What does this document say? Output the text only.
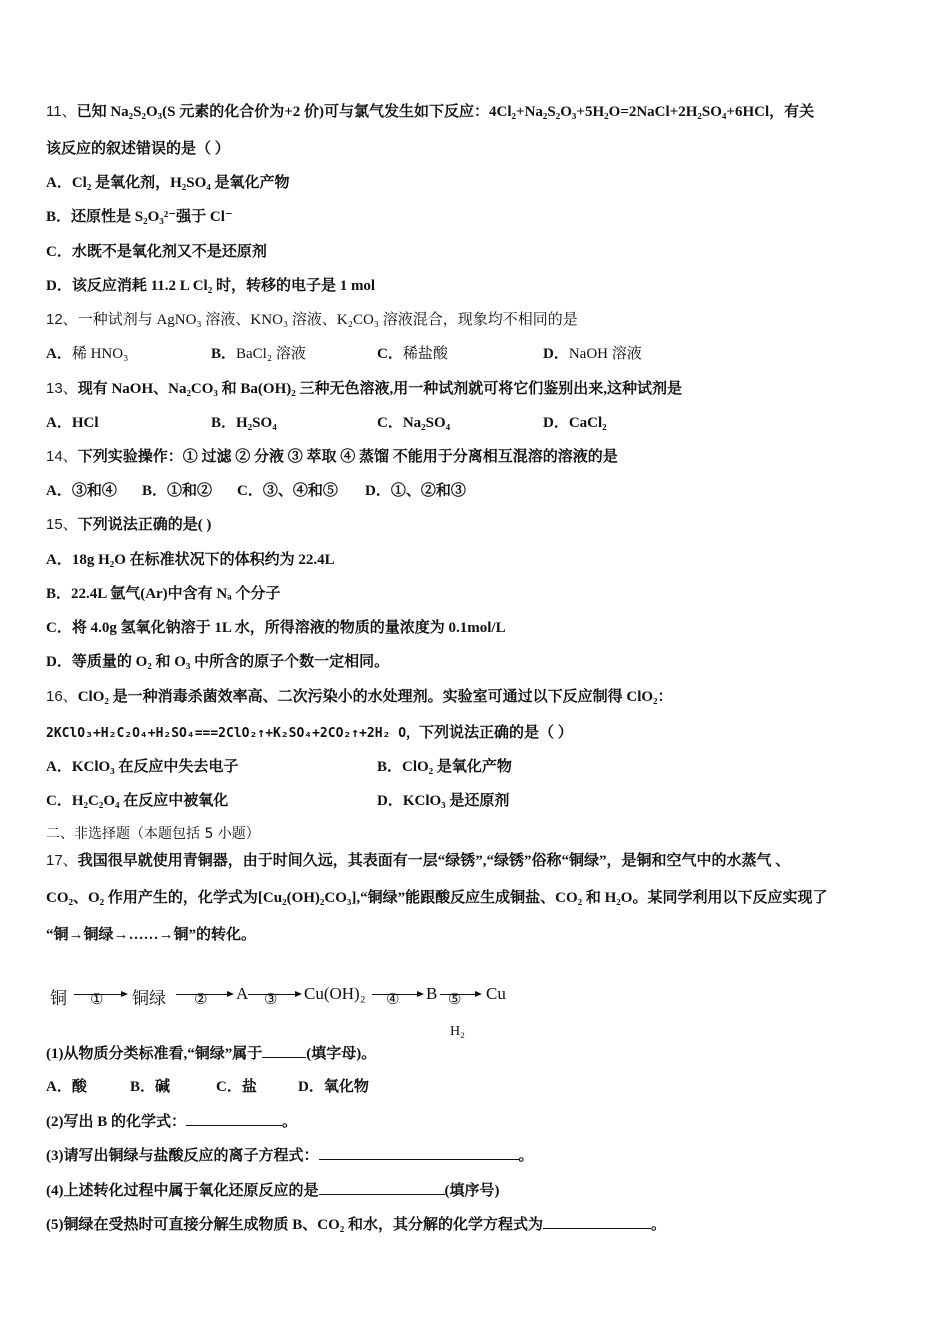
11、已知 Na₂S₂O₃(S 元素的化合价为+2 价)可与氯气发生如下反应：4Cl₂+Na₂S₂O₃+5H₂O=2NaCl+2H₂SO₄+6HCl，有关
该反应的叙述错误的是（ ）
A．Cl₂ 是氧化剂，H₂SO₄ 是氧化产物
B．还原性是 S₂O₃²⁻强于 Cl⁻
C．水既不是氧化剂又不是还原剂
D．该反应消耗 11.2 L Cl₂ 时，转移的电子是 1 mol
12、一种试剂与 AgNO₃ 溶液、KNO₃ 溶液、K₂CO₃ 溶液混合，现象均不相同的是
A．稀 HNO₃	B．BaCl₂ 溶液	C．稀盐酸	D．NaOH 溶液
13、现有 NaOH、Na₂CO₃ 和 Ba(OH)₂ 三种无色溶液,用一种试剂就可将它们鉴别出来,这种试剂是
A．HCl	B．H₂SO₄	C．Na₂SO₄	D．CaCl₂
14、下列实验操作：① 过滤 ② 分液 ③ 萃取 ④ 蒸馏 不能用于分离相互混溶的溶液的是
A．③和④ B．①和② C．③、④和⑤ D．①、②和③
15、下列说法正确的是( )
A．18g H₂O 在标准状况下的体积约为 22.4L
B．22.4L 氩气(Ar)中含有 Nₐ 个分子
C．将 4.0g 氢氧化钠溶于 1L 水，所得溶液的物质的量浓度为 0.1mol/L
D．等质量的 O₂ 和 O₃ 中所含的原子个数一定相同。
16、ClO₂ 是一种消毒杀菌效率高、二次污染小的水处理剂。实验室可通过以下反应制得 ClO₂：
2KClO₃+H₂C₂O₄+H₂SO₄===2ClO₂↑+K₂SO₄+2CO₂↑+2H₂ O，下列说法正确的是（ ）
A．KClO₃ 在反应中失去电子	B．ClO₂ 是氧化产物
C．H₂C₂O₄ 在反应中被氧化	D．KClO₃ 是还原剂
二、非选择题（本题包括 5 小题）
17、我国很早就使用青铜器，由于时间久远，其表面有一层“绿锈”,“绿锈”俗称“铜绿”，是铜和空气中的水蒸气 、
CO₂、O₂ 作用产生的，化学式为[Cu₂(OH)₂CO₃],“铜绿”能跟酸反应生成铜盐、CO₂ 和 H₂O。某同学利用以下反应实现了
“铜→铜绿→……→铜”的转化。
铜 ① 铜绿 ② A ③ Cu(OH)₂ ④ B ⑤
H₂
Cu
(1)从物质分类标准看,“铜绿”属于	(填字母)。
A．酸	B．碱	C．盐	D．氧化物
(2)写出 B 的化学式：	。
(3)请写出铜绿与盐酸反应的离子方程式：	。
(4)上述转化过程中属于氧化还原反应的是	(填序号)
(5)铜绿在受热时可直接分解生成物质 B、CO₂ 和水，其分解的化学方程式为	。
